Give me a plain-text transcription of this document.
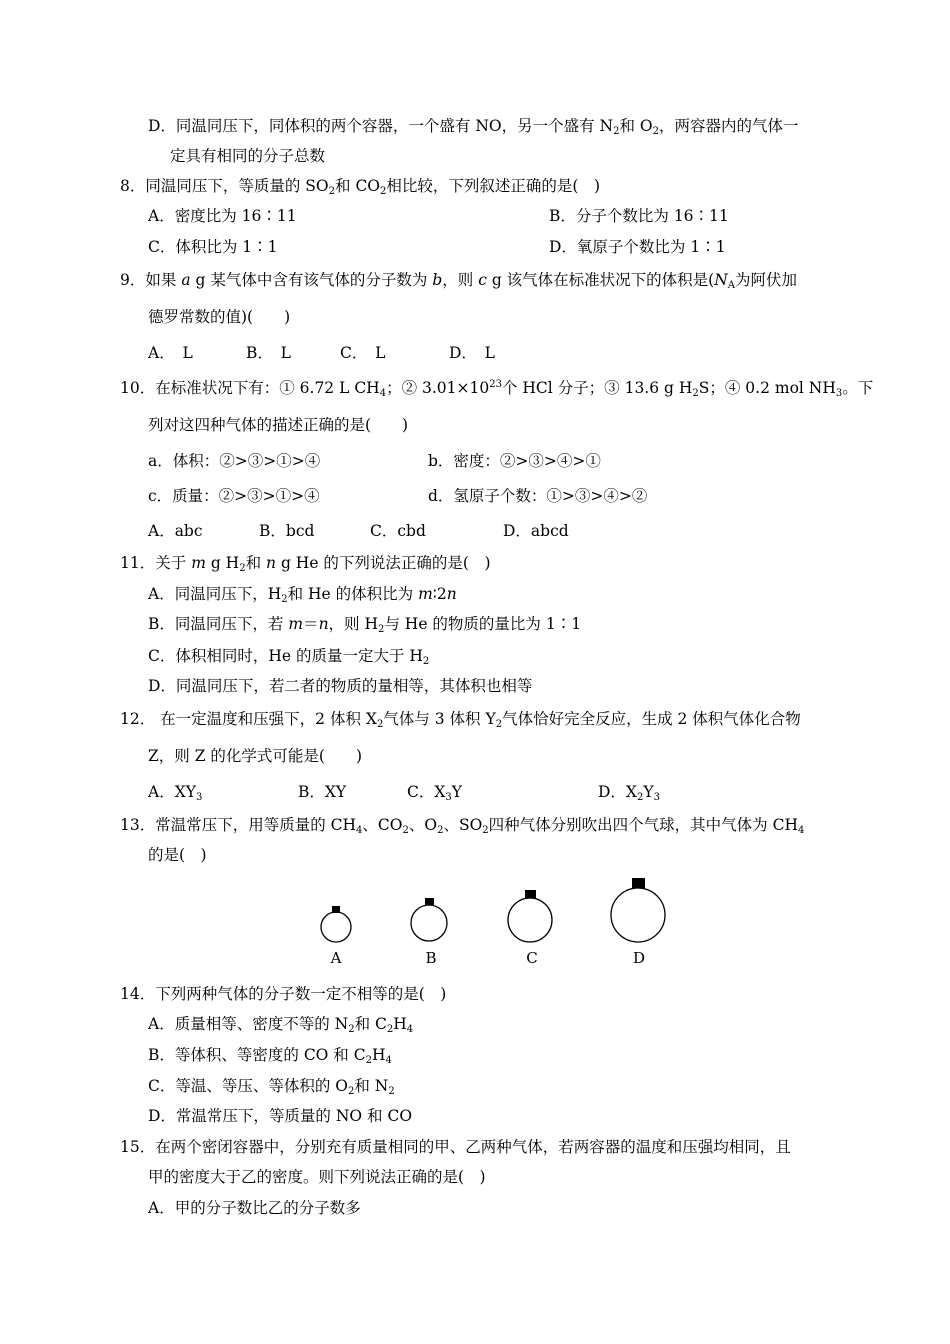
D．同温同压下，同体积的两个容器，一个盛有 NO，另一个盛有 $N_2$和 $O_2$，两容器内的气体一
定具有相同的分子总数
8．同温同压下，等质量的 $SO_2$和 $CO_2$相比较，下列叙述正确的是(　)
A．密度比为 16∶11	B．分子个数比为 16∶11
C．体积比为 1∶1	D．氧原子个数比为 1∶1
9．如果 a g 某气体中含有该气体的分子数为 b，则 c g 该气体在标准状况下的体积是($N_A$为阿伏加
德罗常数的值)(　　)
A．　L	B．　L	C．　L	D．　L
10．在标准状况下有：① 6.72 L $CH_4$；② $3.01\times 10^{23}$个 HCl 分子；③ 13.6 g $H_2S$；④ 0.2 mol $NH_3$。下
列对这四种气体的描述正确的是(　　)
a．体积：②>③>①>④	b．密度：②>③>④>①
c．质量：②>③>①>④	d．氢原子个数：①>③>④>②
A．abc	B．bcd	C．cbd	D．abcd
11．关于 m g $H_2$和 n g He 的下列说法正确的是(　)
A．同温同压下，$H_2$和 He 的体积比为 m∶2n
B．同温同压下，若 m＝n，则 $H_2$与 He 的物质的量比为 1∶1
C．体积相同时，He 的质量一定大于 $H_2$
D．同温同压下，若二者的物质的量相等，其体积也相等
12． 在一定温度和压强下，2 体积 $X_2$气体与 3 体积 $Y_2$气体恰好完全反应，生成 2 体积气体化合物
Z，则 Z 的化学式可能是(　　)
A．$XY_3$	B．XY	C．$X_3Y$	D．$X_2Y_3$
13．常温常压下，用等质量的 $CH_4$、$CO_2$、$O_2$、$SO_2$四种气体分别吹出四个气球，其中气体为 $CH_4$
的是(　)
A	B	C	D
14．下列两种气体的分子数一定不相等的是(　)
A．质量相等、密度不等的 $N_2$和 $C_2H_4$
B．等体积、等密度的 CO 和 $C_2H_4$
C．等温、等压、等体积的 $O_2$和 $N_2$
D．常温常压下，等质量的 NO 和 CO
15．在两个密闭容器中，分别充有质量相同的甲、乙两种气体，若两容器的温度和压强均相同，且
甲的密度大于乙的密度。则下列说法正确的是(　)
A．甲的分子数比乙的分子数多
